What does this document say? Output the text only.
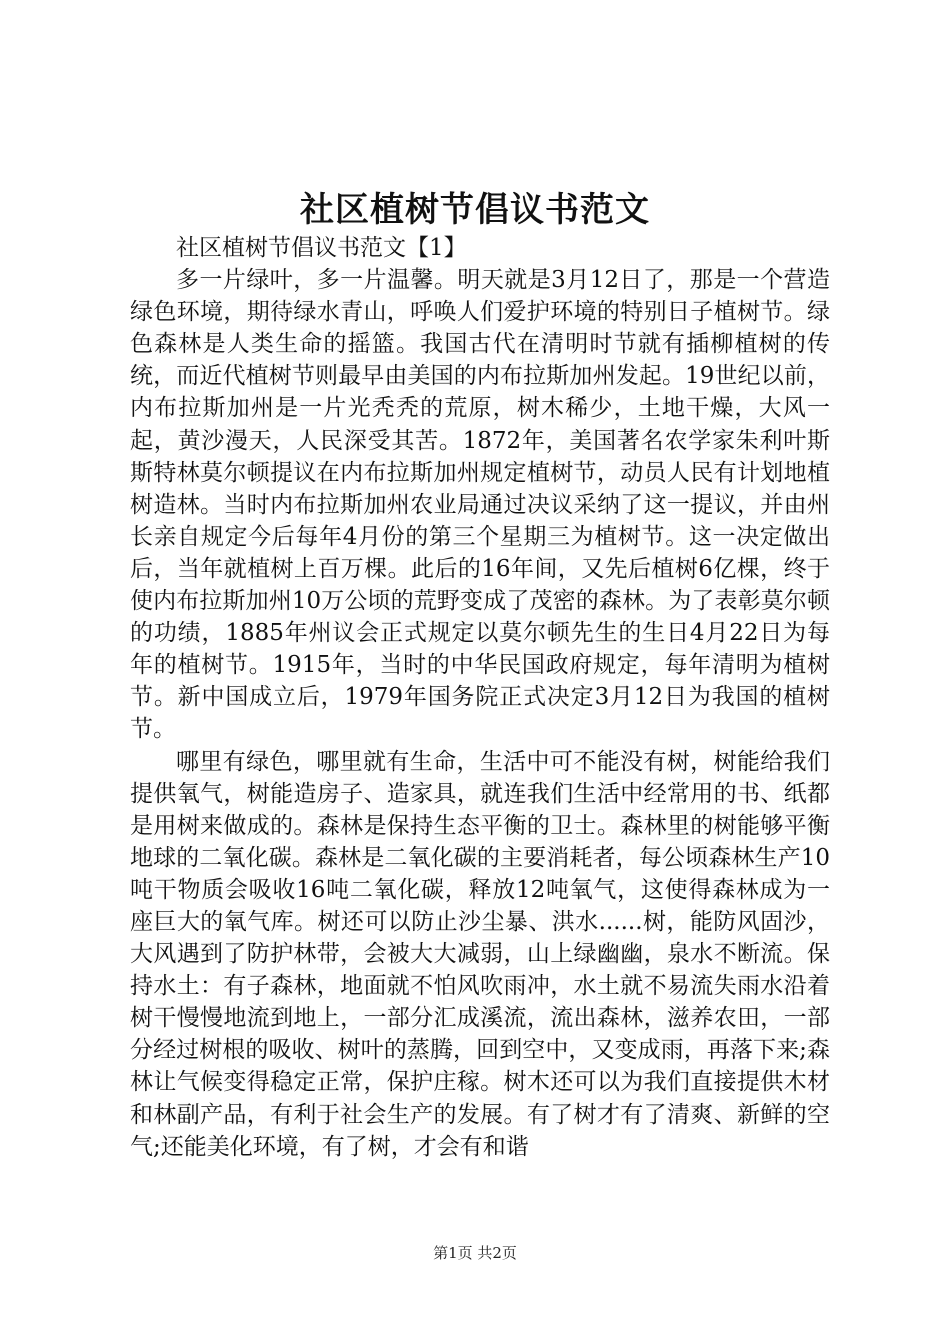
社区植树节倡议书范文

社区植树节倡议书范文【1】

多一片绿叶，多一片温馨。明天就是3月12日了，那是一个营造绿色环境，期待绿水青山，呼唤人们爱护环境的特别日子植树节。绿色森林是人类生命的摇篮。我国古代在清明时节就有插柳植树的传统，而近代植树节则最早由美国的内布拉斯加州发起。19世纪以前，内布拉斯加州是一片光秃秃的荒原，树木稀少，土地干燥，大风一起，黄沙漫天，人民深受其苦。1872年，美国著名农学家朱利叶斯斯特林莫尔顿提议在内布拉斯加州规定植树节，动员人民有计划地植树造林。当时内布拉斯加州农业局通过决议采纳了这一提议，并由州长亲自规定今后每年4月份的第三个星期三为植树节。这一决定做出后，当年就植树上百万棵。此后的16年间，又先后植树6亿棵，终于使内布拉斯加州10万公顷的荒野变成了茂密的森林。为了表彰莫尔顿的功绩，1885年州议会正式规定以莫尔顿先生的生日4月22日为每年的植树节。1915年，当时的中华民国政府规定，每年清明为植树节。新中国成立后，1979年国务院正式决定3月12日为我国的植树节。

哪里有绿色，哪里就有生命，生活中可不能没有树，树能给我们提供氧气，树能造房子、造家具，就连我们生活中经常用的书、纸都是用树来做成的。森林是保持生态平衡的卫士。森林里的树能够平衡地球的二氧化碳。森林是二氧化碳的主要消耗者，每公顷森林生产10吨干物质会吸收16吨二氧化碳，释放12吨氧气，这使得森林成为一座巨大的氧气库。树还可以防止沙尘暴、洪水......树，能防风固沙，大风遇到了防护林带，会被大大减弱，山上绿幽幽，泉水不断流。保持水土：有子森林，地面就不怕风吹雨冲，水土就不易流失雨水沿着树干慢慢地流到地上，一部分汇成溪流，流出森林，滋养农田，一部分经过树根的吸收、树叶的蒸腾，回到空中，又变成雨，再落下来;森林让气候变得稳定正常，保护庄稼。树木还可以为我们直接提供木材和林副产品，有利于社会生产的发展。有了树才有了清爽、新鲜的空气;还能美化环境，有了树，才会有和谐

第1页 共2页
